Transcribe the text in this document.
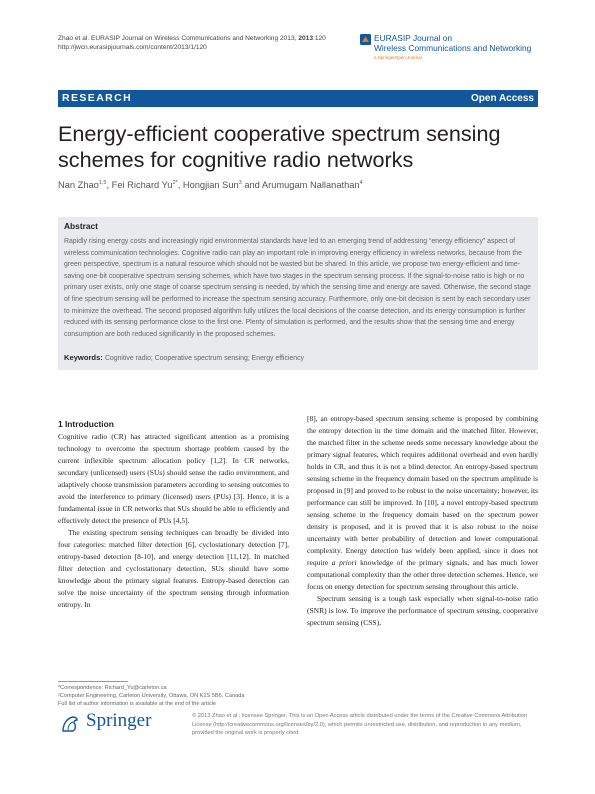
Zhao et al. EURASIP Journal on Wireless Communications and Networking 2013, 2013:120
http://jwcn.eurasipjournals.com/content/2013/1/120
EURASIP Journal on
Wireless Communications and Networking
a SpringerOpen Journal
RESEARCH	Open Access
Energy-efficient cooperative spectrum sensing schemes for cognitive radio networks
Nan Zhao$^{1,5}$, Fei Richard $Yu^{2*}$, Hongjian Sun$^3$ and Arumugam Nallanathan$^4$
Abstract
Rapidly rising energy costs and increasingly rigid environmental standards have led to an emerging trend of addressing “energy efficiency” aspect of wireless communication technologies. Cognitive radio can play an important role in improving energy efficiency in wireless networks, because from the green perspective, spectrum is a natural resource which should not be wasted but be shared. In this article, we propose two energy-efficient and time-saving one-bit cooperative spectrum sensing schemes, which have two stages in the spectrum sensing process. If the signal-to-noise ratio is high or no primary user exists, only one stage of coarse spectrum sensing is needed, by which the sensing time and energy are saved. Otherwise, the second stage of fine spectrum sensing will be performed to increase the spectrum sensing accuracy. Furthermore, only one-bit decision is sent by each secondary user to minimize the overhead. The second proposed algorithm fully utilizes the local decisions of the coarse detection, and its energy consumption is further reduced with its sensing performance close to the first one. Plenty of simulation is performed, and the results show that the sensing time and energy consumption are both reduced significantly in the proposed schemes.
Keywords: Cognitive radio; Cooperative spectrum sensing; Energy efficiency
1 Introduction
Cognitive radio (CR) has attracted significant attention as a promising technology to overcome the spectrum shortage problem caused by the current inflexible spectrum allocation policy [1,2]. In CR networks, secondary (unlicensed) users (SUs) should sense the radio environment, and adaptively choose transmission parameters according to sensing outcomes to avoid the interference to primary (licensed) users (PUs) [3]. Hence, it is a fundamental issue in CR networks that SUs should be able to efficiently and effectively detect the presence of PUs [4,5].
The existing spectrum sensing techniques can broadly be divided into four categories: matched filter detection [6], cyclostationary detection [7], entropy-based detection [8-10], and energy detection [11,12]. In matched filter detection and cyclostationary detection, SUs should have some knowledge about the primary signal features. Entropy-based detection can solve the noise uncertainty of the spectrum sensing through information entropy. In
[8], an entropy-based spectrum sensing scheme is proposed by combining the entropy detection in the time domain and the matched filter. However, the matched filter in the scheme needs some necessary knowledge about the primary signal features, which requires additional overhead and even hardly holds in CR, and thus it is not a blind detector. An entropy-based spectrum sensing scheme in the frequency domain based on the spectrum amplitude is proposed in [9] and proved to be robust to the noise uncertainty; however, its performance can still be improved. In [10], a novel entropy-based spectrum sensing scheme in the frequency domain based on the spectrum power density is proposed, and it is proved that it is also robust to the noise uncertainty with better probability of detection and lower computational complexity. Energy detection has widely been applied, since it does not require a priori knowledge of the primary signals, and has much lower computational complexity than the other three detection schemes. Hence, we focus on energy detection for spectrum sensing throughout this article.
Spectrum sensing is a tough task especially when signal-to-noise ratio (SNR) is low. To improve the performance of spectrum sensing, cooperative spectrum sensing (CSS),
*Correspondence: Richard_Yu@carleton.ca
²Computer Engineering, Carleton University, Ottawa, ON K1S 5B6, Canada
Full list of author information is available at the end of the article
Springer	© 2013 Zhao et al.; licensee Springer. This is an Open Access article distributed under the terms of the Creative Commons Attribution License (http://creativecommons.org/licenses/by/2.0), which permits unrestricted use, distribution, and reproduction in any medium, provided the original work is properly cited.
